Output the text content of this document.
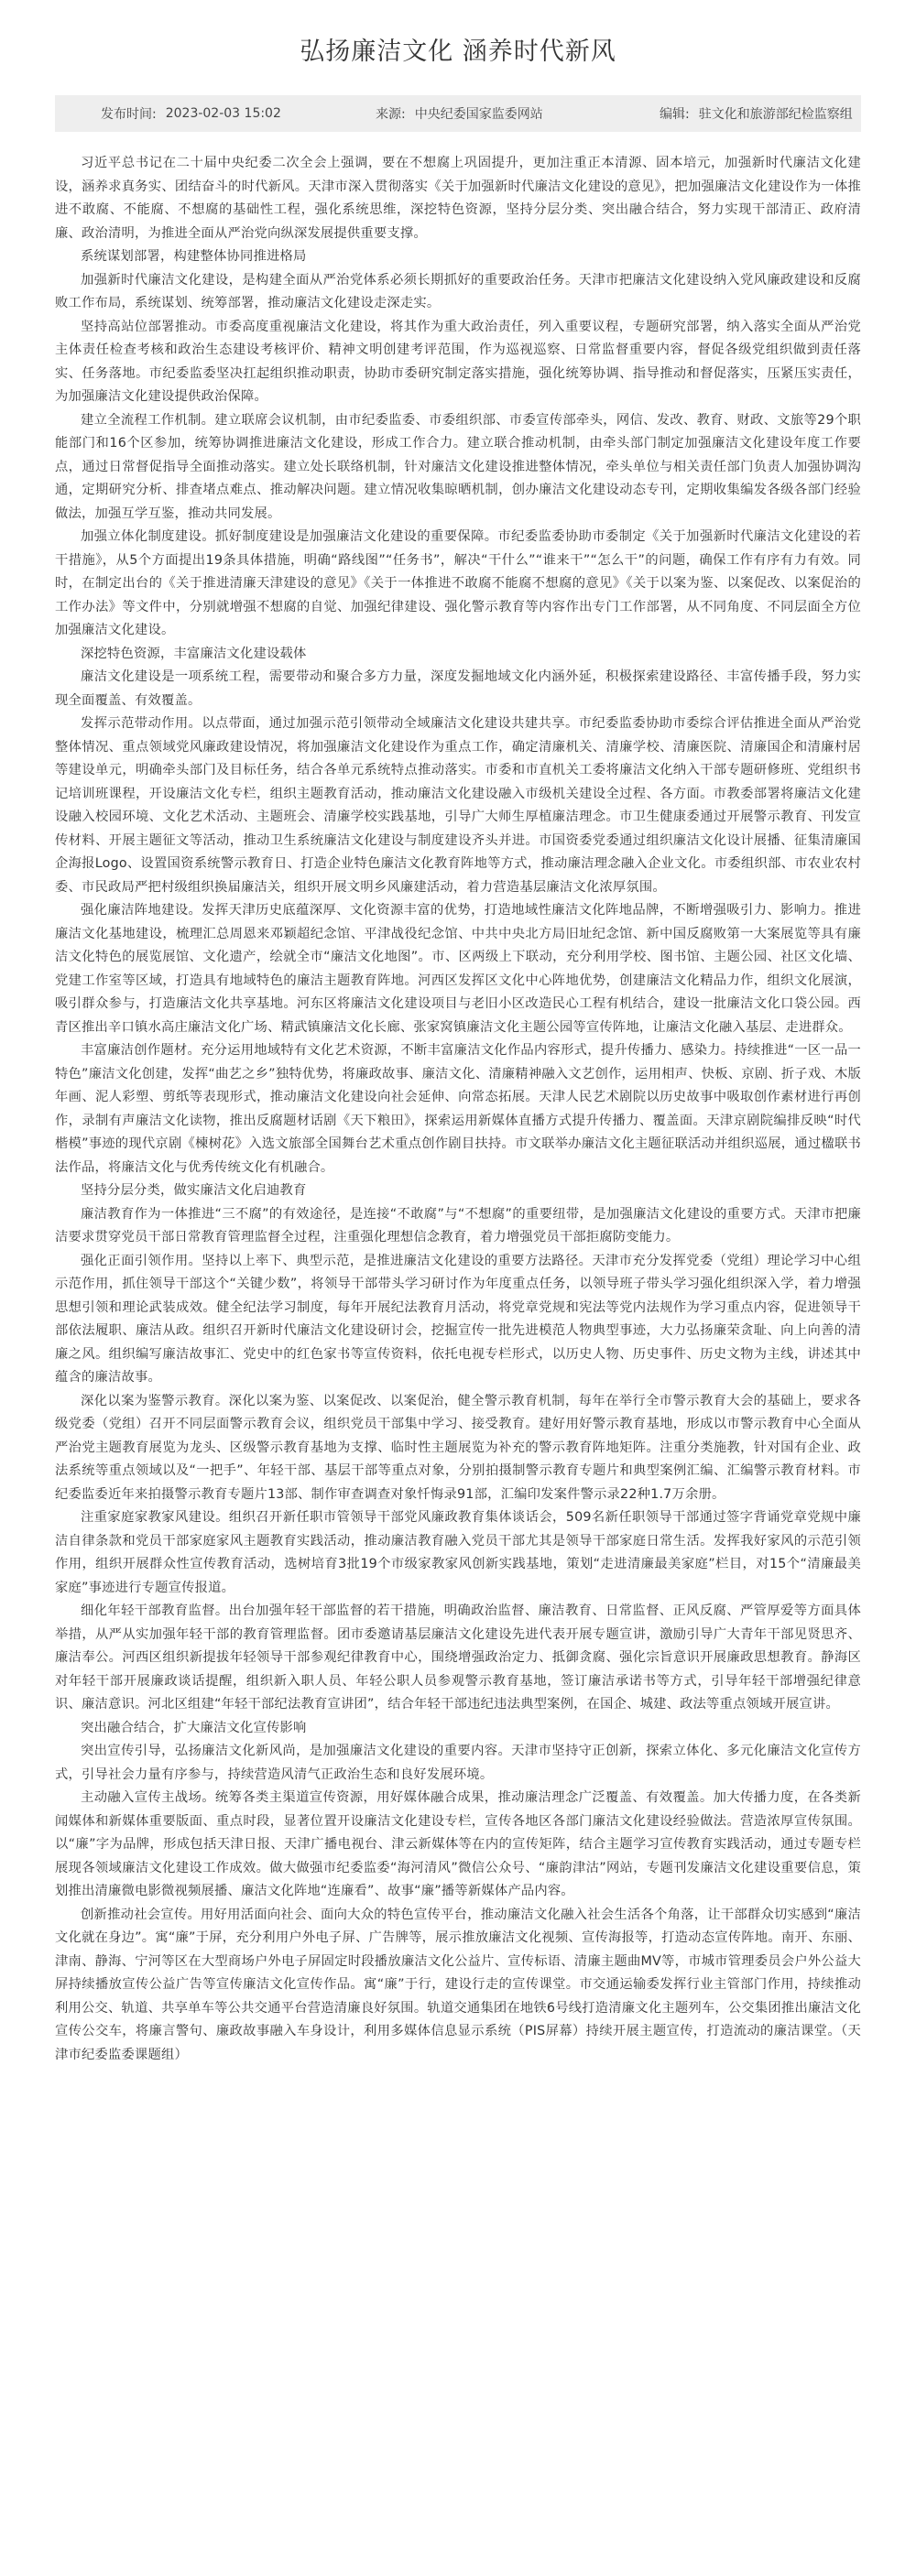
弘扬廉洁文化 涵养时代新风
发布时间: 2023-02-03 15:02	来源: 中央纪委国家监委网站	编辑: 驻文化和旅游部纪检监察组

习近平总书记在二十届中央纪委二次全会上强调，要在不想腐上巩固提升，更加注重正本清源、固本培元，加强新时代廉洁文化建设，涵养求真务实、团结奋斗的时代新风。天津市深入贯彻落实《关于加强新时代廉洁文化建设的意见》，把加强廉洁文化建设作为一体推进不敢腐、不能腐、不想腐的基础性工程，强化系统思维，深挖特色资源，坚持分层分类、突出融合结合，努力实现干部清正、政府清廉、政治清明，为推进全面从严治党向纵深发展提供重要支撑。

系统谋划部署，构建整体协同推进格局

加强新时代廉洁文化建设，是构建全面从严治党体系必须长期抓好的重要政治任务。天津市把廉洁文化建设纳入党风廉政建设和反腐败工作布局，系统谋划、统筹部署，推动廉洁文化建设走深走实。

坚持高站位部署推动。市委高度重视廉洁文化建设，将其作为重大政治责任，列入重要议程，专题研究部署，纳入落实全面从严治党主体责任检查考核和政治生态建设考核评价、精神文明创建考评范围，作为巡视巡察、日常监督重要内容，督促各级党组织做到责任落实、任务落地。市纪委监委坚决扛起组织推动职责，协助市委研究制定落实措施，强化统筹协调、指导推动和督促落实，压紧压实责任，为加强廉洁文化建设提供政治保障。

建立全流程工作机制。建立联席会议机制，由市纪委监委、市委组织部、市委宣传部牵头，网信、发改、教育、财政、文旅等29个职能部门和16个区参加，统筹协调推进廉洁文化建设，形成工作合力。建立联合推动机制，由牵头部门制定加强廉洁文化建设年度工作要点，通过日常督促指导全面推动落实。建立处长联络机制，针对廉洁文化建设推进整体情况，牵头单位与相关责任部门负责人加强协调沟通，定期研究分析、排查堵点难点、推动解决问题。建立情况收集晾晒机制，创办廉洁文化建设动态专刊，定期收集编发各级各部门经验做法，加强互学互鉴，推动共同发展。

加强立体化制度建设。抓好制度建设是加强廉洁文化建设的重要保障。市纪委监委协助市委制定《关于加强新时代廉洁文化建设的若干措施》，从5个方面提出19条具体措施，明确“路线图”“任务书”，解决“干什么”“谁来干”“怎么干”的问题，确保工作有序有力有效。同时，在制定出台的《关于推进清廉天津建设的意见》《关于一体推进不敢腐不能腐不想腐的意见》《关于以案为鉴、以案促改、以案促治的工作办法》等文件中，分别就增强不想腐的自觉、加强纪律建设、强化警示教育等内容作出专门工作部署，从不同角度、不同层面全方位加强廉洁文化建设。

深挖特色资源，丰富廉洁文化建设载体

廉洁文化建设是一项系统工程，需要带动和聚合多方力量，深度发掘地域文化内涵外延，积极探索建设路径、丰富传播手段，努力实现全面覆盖、有效覆盖。

发挥示范带动作用。以点带面，通过加强示范引领带动全域廉洁文化建设共建共享。市纪委监委协助市委综合评估推进全面从严治党整体情况、重点领域党风廉政建设情况，将加强廉洁文化建设作为重点工作，确定清廉机关、清廉学校、清廉医院、清廉国企和清廉村居等建设单元，明确牵头部门及目标任务，结合各单元系统特点推动落实。市委和市直机关工委将廉洁文化纳入干部专题研修班、党组织书记培训班课程，开设廉洁文化专栏，组织主题教育活动，推动廉洁文化建设融入市级机关建设全过程、各方面。市教委部署将廉洁文化建设融入校园环境、文化艺术活动、主题班会、清廉学校实践基地，引导广大师生厚植廉洁理念。市卫生健康委通过开展警示教育、刊发宣传材料、开展主题征文等活动，推动卫生系统廉洁文化建设与制度建设齐头并进。市国资委党委通过组织廉洁文化设计展播、征集清廉国企海报Logo、设置国资系统警示教育日、打造企业特色廉洁文化教育阵地等方式，推动廉洁理念融入企业文化。市委组织部、市农业农村委、市民政局严把村级组织换届廉洁关，组织开展文明乡风廉建活动，着力营造基层廉洁文化浓厚氛围。

强化廉洁阵地建设。发挥天津历史底蕴深厚、文化资源丰富的优势，打造地域性廉洁文化阵地品牌，不断增强吸引力、影响力。推进廉洁文化基地建设，梳理汇总周恩来邓颖超纪念馆、平津战役纪念馆、中共中央北方局旧址纪念馆、新中国反腐败第一大案展览等具有廉洁文化特色的展览展馆、文化遗产，绘就全市“廉洁文化地图”。市、区两级上下联动，充分利用学校、图书馆、主题公园、社区文化墙、党建工作室等区域，打造具有地域特色的廉洁主题教育阵地。河西区发挥区文化中心阵地优势，创建廉洁文化精品力作，组织文化展演，吸引群众参与，打造廉洁文化共享基地。河东区将廉洁文化建设项目与老旧小区改造民心工程有机结合，建设一批廉洁文化口袋公园。西青区推出辛口镇水高庄廉洁文化广场、精武镇廉洁文化长廊、张家窝镇廉洁文化主题公园等宣传阵地，让廉洁文化融入基层、走进群众。

丰富廉洁创作题材。充分运用地域特有文化艺术资源，不断丰富廉洁文化作品内容形式，提升传播力、感染力。持续推进“一区一品一特色”廉洁文化创建，发挥“曲艺之乡”独特优势，将廉政故事、廉洁文化、清廉精神融入文艺创作，运用相声、快板、京剧、折子戏、木版年画、泥人彩塑、剪纸等表现形式，推动廉洁文化建设向社会延伸、向常态拓展。天津人民艺术剧院以历史故事中吸取创作素材进行再创作，录制有声廉洁文化读物，推出反腐题材话剧《天下粮田》，探索运用新媒体直播方式提升传播力、覆盖面。天津京剧院编排反映“时代楷模”事迹的现代京剧《楝树花》入选文旅部全国舞台艺术重点创作剧目扶持。市文联举办廉洁文化主题征联活动并组织巡展，通过楹联书法作品，将廉洁文化与优秀传统文化有机融合。

坚持分层分类，做实廉洁文化启迪教育

廉洁教育作为一体推进“三不腐”的有效途径，是连接“不敢腐”与“不想腐”的重要纽带，是加强廉洁文化建设的重要方式。天津市把廉洁要求贯穿党员干部日常教育管理监督全过程，注重强化理想信念教育，着力增强党员干部拒腐防变能力。

强化正面引领作用。坚持以上率下、典型示范，是推进廉洁文化建设的重要方法路径。天津市充分发挥党委（党组）理论学习中心组示范作用，抓住领导干部这个“关键少数”，将领导干部带头学习研讨作为年度重点任务，以领导班子带头学习强化组织深入学，着力增强思想引领和理论武装成效。健全纪法学习制度，每年开展纪法教育月活动，将党章党规和宪法等党内法规作为学习重点内容，促进领导干部依法履职、廉洁从政。组织召开新时代廉洁文化建设研讨会，挖掘宣传一批先进模范人物典型事迹，大力弘扬廉荣贪耻、向上向善的清廉之风。组织编写廉洁故事汇、党史中的红色家书等宣传资料，依托电视专栏形式，以历史人物、历史事件、历史文物为主线，讲述其中蕴含的廉洁故事。

深化以案为鉴警示教育。深化以案为鉴、以案促改、以案促治，健全警示教育机制，每年在举行全市警示教育大会的基础上，要求各级党委（党组）召开不同层面警示教育会议，组织党员干部集中学习、接受教育。建好用好警示教育基地，形成以市警示教育中心全面从严治党主题教育展览为龙头、区级警示教育基地为支撑、临时性主题展览为补充的警示教育阵地矩阵。注重分类施教，针对国有企业、政法系统等重点领域以及“一把手”、年轻干部、基层干部等重点对象，分别拍摄制警示教育专题片和典型案例汇编、汇编警示教育材料。市纪委监委近年来拍摄警示教育专题片13部、制作审查调查对象忏悔录91部，汇编印发案件警示录22种1.7万余册。

注重家庭家教家风建设。组织召开新任职市管领导干部党风廉政教育集体谈话会，509名新任职领导干部通过签字背诵党章党规中廉洁自律条款和党员干部家庭家风主题教育实践活动，推动廉洁教育融入党员干部尤其是领导干部家庭日常生活。发挥我好家风的示范引领作用，组织开展群众性宣传教育活动，选树培育3批19个市级家教家风创新实践基地，策划“走进清廉最美家庭”栏目，对15个“清廉最美家庭”事迹进行专题宣传报道。

细化年轻干部教育监督。出台加强年轻干部监督的若干措施，明确政治监督、廉洁教育、日常监督、正风反腐、严管厚爱等方面具体举措，从严从实加强年轻干部的教育管理监督。团市委邀请基层廉洁文化建设先进代表开展专题宣讲，激励引导广大青年干部见贤思齐、廉洁奉公。河西区组织新提拔年轻领导干部参观纪律教育中心，围绕增强政治定力、抵御贪腐、强化宗旨意识开展廉政思想教育。静海区对年轻干部开展廉政谈话提醒，组织新入职人员、年轻公职人员参观警示教育基地，签订廉洁承诺书等方式，引导年轻干部增强纪律意识、廉洁意识。河北区组建“年轻干部纪法教育宣讲团”，结合年轻干部违纪违法典型案例，在国企、城建、政法等重点领域开展宣讲。

突出融合结合，扩大廉洁文化宣传影响

突出宣传引导，弘扬廉洁文化新风尚，是加强廉洁文化建设的重要内容。天津市坚持守正创新，探索立体化、多元化廉洁文化宣传方式，引导社会力量有序参与，持续营造风清气正政治生态和良好发展环境。

主动融入宣传主战场。统筹各类主渠道宣传资源，用好媒体融合成果，推动廉洁理念广泛覆盖、有效覆盖。加大传播力度，在各类新闻媒体和新媒体重要版面、重点时段，显著位置开设廉洁文化建设专栏，宣传各地区各部门廉洁文化建设经验做法。营造浓厚宣传氛围。以“廉”字为品牌，形成包括天津日报、天津广播电视台、津云新媒体等在内的宣传矩阵，结合主题学习宣传教育实践活动，通过专题专栏展现各领域廉洁文化建设工作成效。做大做强市纪委监委“海河清风”微信公众号、“廉韵津沽”网站，专题刊发廉洁文化建设重要信息，策划推出清廉微电影微视频展播、廉洁文化阵地“连廉看”、故事“廉”播等新媒体产品内容。

创新推动社会宣传。用好用活面向社会、面向大众的特色宣传平台，推动廉洁文化融入社会生活各个角落，让干部群众切实感到“廉洁文化就在身边”。寓“廉”于屏，充分利用户外电子屏、广告牌等，展示推放廉洁文化视频、宣传海报等，打造动态宣传阵地。南开、东丽、津南、静海、宁河等区在大型商场户外电子屏固定时段播放廉洁文化公益片、宣传标语、清廉主题曲MV等，市城市管理委员会户外公益大屏持续播放宣传公益广告等宣传廉洁文化宣传作品。寓“廉”于行，建设行走的宣传课堂。市交通运输委发挥行业主管部门作用，持续推动利用公交、轨道、共享单车等公共交通平台营造清廉良好氛围。轨道交通集团在地铁6号线打造清廉文化主题列车，公交集团推出廉洁文化宣传公交车，将廉言警句、廉政故事融入车身设计，利用多媒体信息显示系统（PIS屏幕）持续开展主题宣传，打造流动的廉洁课堂。（天津市纪委监委课题组）
